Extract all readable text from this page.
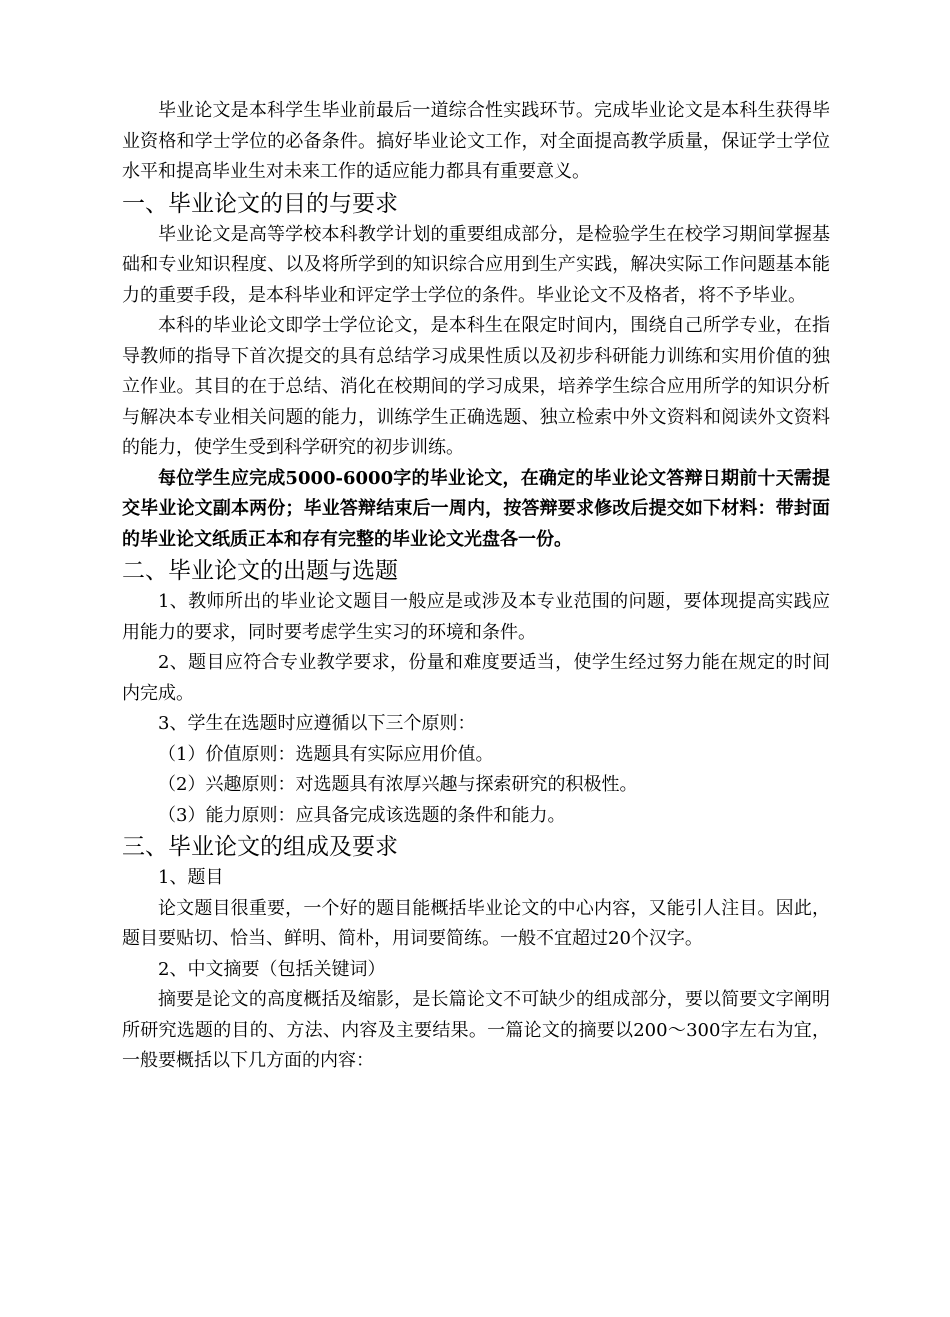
毕业论文是本科学生毕业前最后一道综合性实践环节。完成毕业论文是本科生获得毕业资格和学士学位的必备条件。搞好毕业论文工作，对全面提高教学质量，保证学士学位水平和提高毕业生对未来工作的适应能力都具有重要意义。

一、毕业论文的目的与要求

毕业论文是高等学校本科教学计划的重要组成部分，是检验学生在校学习期间掌握基础和专业知识程度、以及将所学到的知识综合应用到生产实践，解决实际工作问题基本能力的重要手段，是本科毕业和评定学士学位的条件。毕业论文不及格者，将不予毕业。

本科的毕业论文即学士学位论文，是本科生在限定时间内，围绕自己所学专业，在指导教师的指导下首次提交的具有总结学习成果性质以及初步科研能力训练和实用价值的独立作业。其目的在于总结、消化在校期间的学习成果，培养学生综合应用所学的知识分析与解决本专业相关问题的能力，训练学生正确选题、独立检索中外文资料和阅读外文资料的能力，使学生受到科学研究的初步训练。

每位学生应完成5000-6000字的毕业论文，在确定的毕业论文答辩日期前十天需提交毕业论文副本两份；毕业答辩结束后一周内，按答辩要求修改后提交如下材料：带封面的毕业论文纸质正本和存有完整的毕业论文光盘各一份。

二、毕业论文的出题与选题

1、教师所出的毕业论文题目一般应是或涉及本专业范围的问题，要体现提高实践应用能力的要求，同时要考虑学生实习的环境和条件。

2、题目应符合专业教学要求，份量和难度要适当，使学生经过努力能在规定的时间内完成。

3、学生在选题时应遵循以下三个原则：

（1）价值原则：选题具有实际应用价值。

（2）兴趣原则：对选题具有浓厚兴趣与探索研究的积极性。

（3）能力原则：应具备完成该选题的条件和能力。

三、毕业论文的组成及要求

1、题目

论文题目很重要，一个好的题目能概括毕业论文的中心内容，又能引人注目。因此，题目要贴切、恰当、鲜明、简朴，用词要简练。一般不宜超过20个汉字。

2、中文摘要（包括关键词）

摘要是论文的高度概括及缩影，是长篇论文不可缺少的组成部分，要以简要文字阐明所研究选题的目的、方法、内容及主要结果。一篇论文的摘要以200～300字左右为宜，一般要概括以下几方面的内容：
